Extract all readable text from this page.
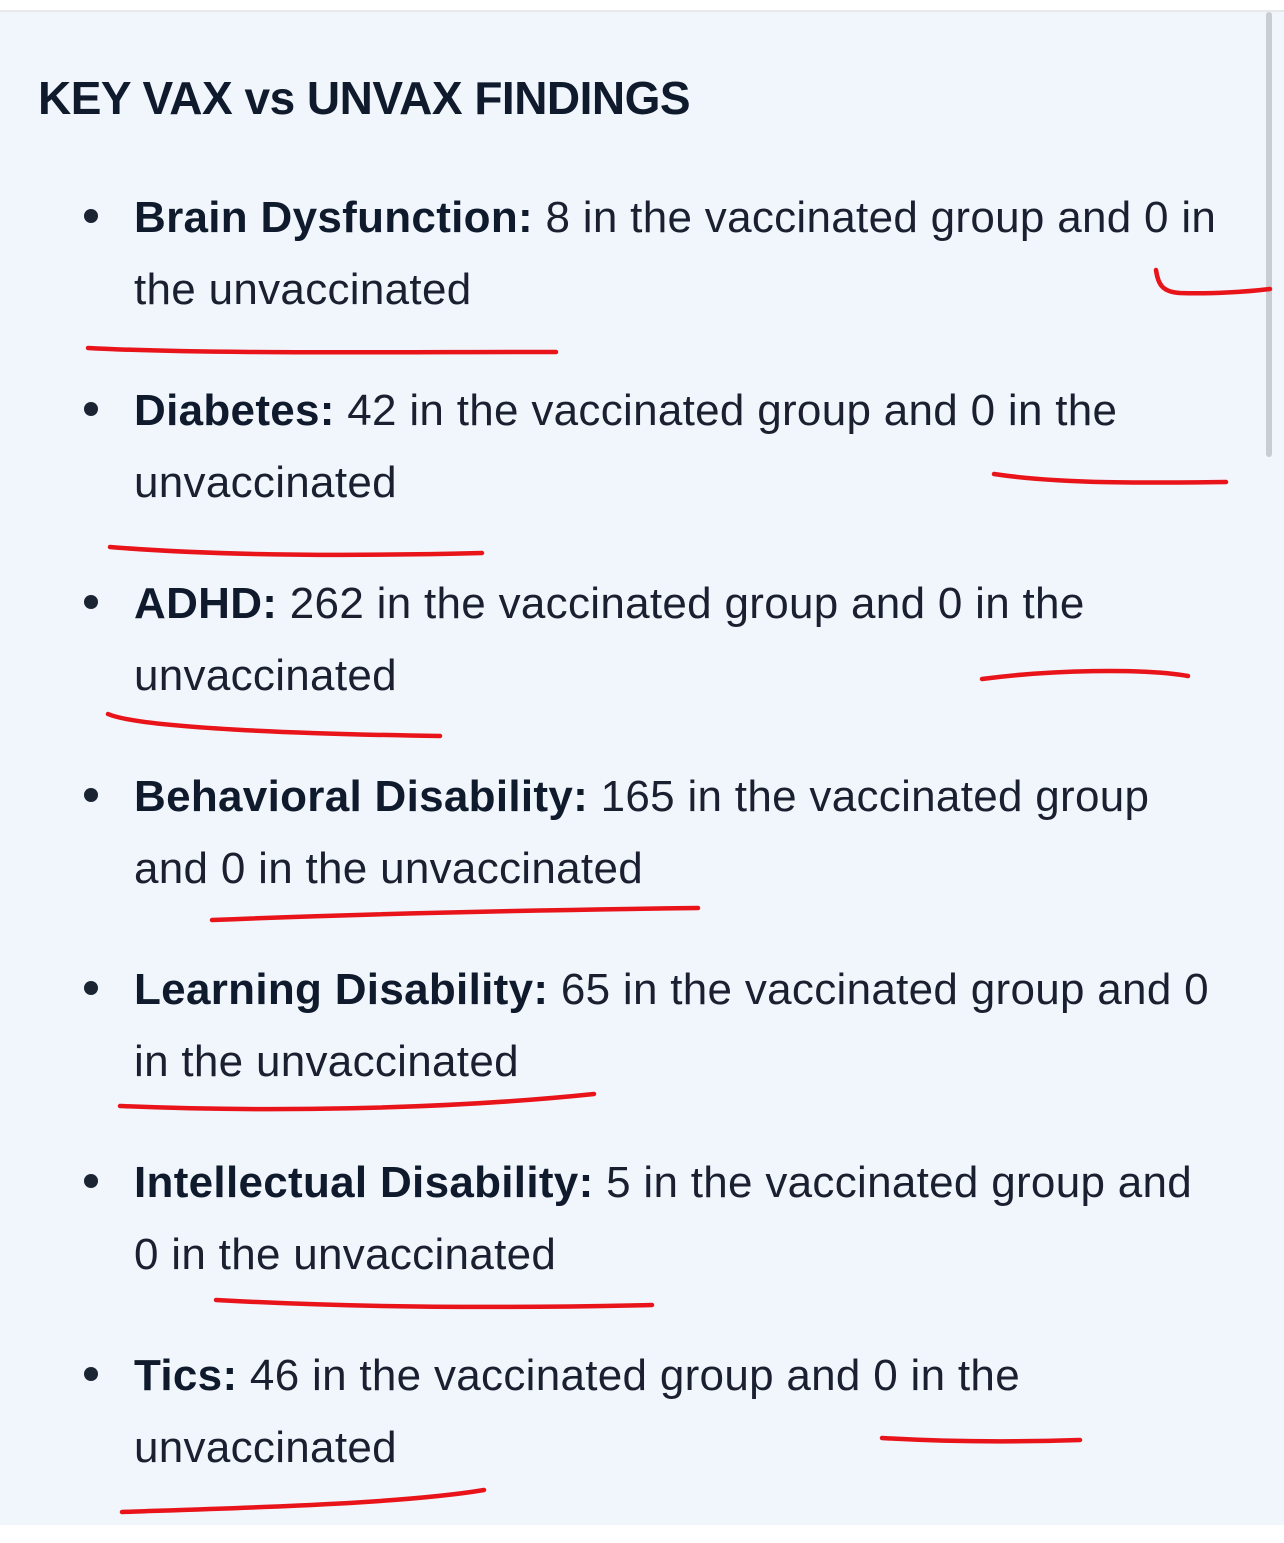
KEY VAX vs UNVAX FINDINGS

Brain Dysfunction: 8 in the vaccinated group and 0 in the unvaccinated

Diabetes: 42 in the vaccinated group and 0 in the unvaccinated

ADHD: 262 in the vaccinated group and 0 in the unvaccinated

Behavioral Disability: 165 in the vaccinated group and 0 in the unvaccinated

Learning Disability: 65 in the vaccinated group and 0 in the unvaccinated

Intellectual Disability: 5 in the vaccinated group and 0 in the unvaccinated

Tics: 46 in the vaccinated group and 0 in the unvaccinated
